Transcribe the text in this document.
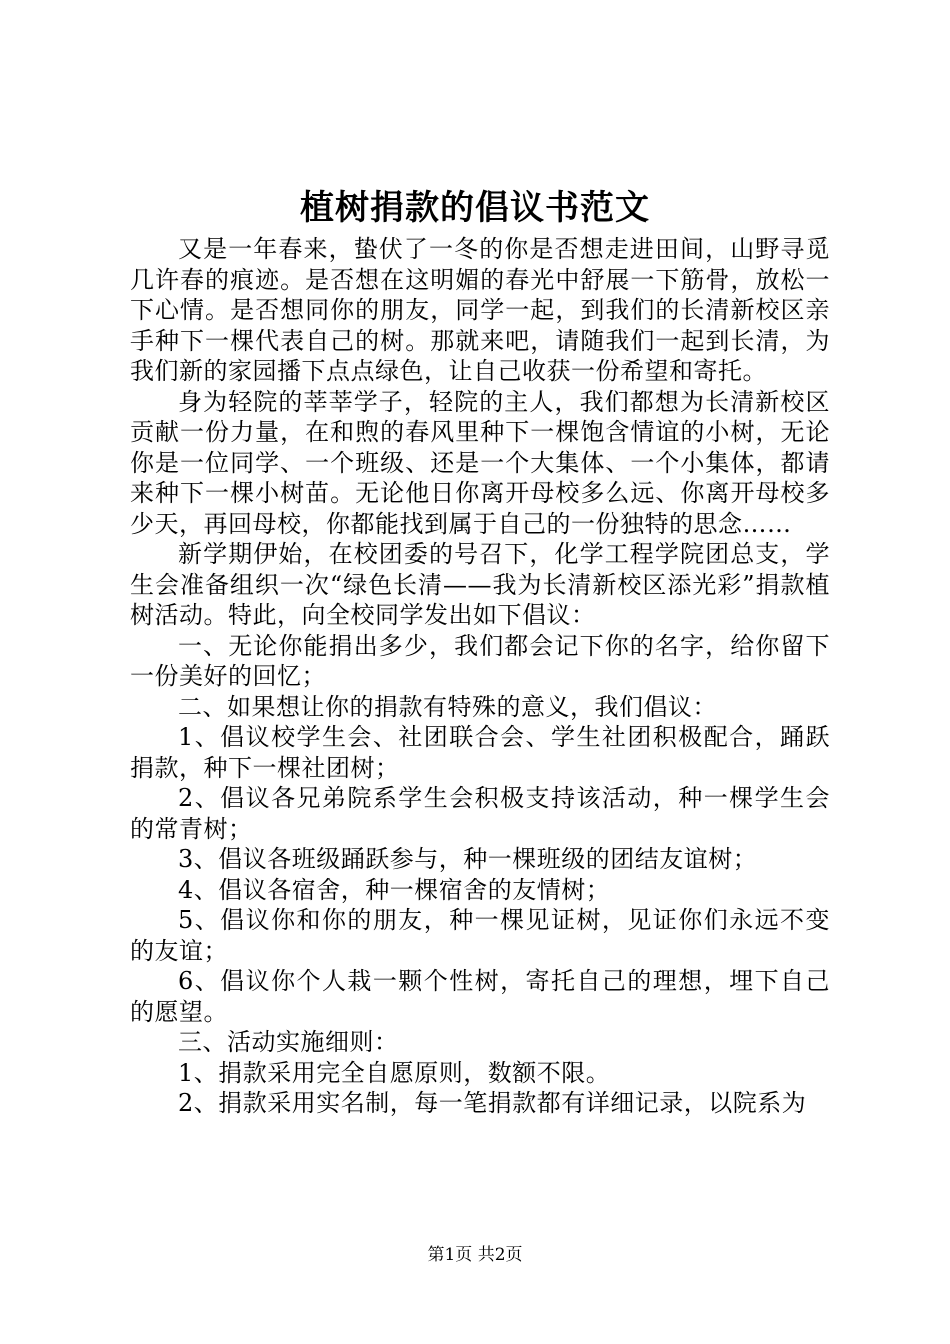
植树捐款的倡议书范文

又是一年春来，蛰伏了一冬的你是否想走进田间，山野寻觅几许春的痕迹。是否想在这明媚的春光中舒展一下筋骨，放松一下心情。是否想同你的朋友，同学一起，到我们的长清新校区亲手种下一棵代表自己的树。那就来吧，请随我们一起到长清，为我们新的家园播下点点绿色，让自己收获一份希望和寄托。

身为轻院的莘莘学子，轻院的主人，我们都想为长清新校区贡献一份力量，在和煦的春风里种下一棵饱含情谊的小树，无论你是一位同学、一个班级、还是一个大集体、一个小集体，都请来种下一棵小树苗。无论他日你离开母校多么远、你离开母校多少天，再回母校，你都能找到属于自己的一份独特的思念……

新学期伊始，在校团委的号召下，化学工程学院团总支，学生会准备组织一次“绿色长清——我为长清新校区添光彩”捐款植树活动。特此，向全校同学发出如下倡议：

一、无论你能捐出多少，我们都会记下你的名字，给你留下一份美好的回忆；

二、如果想让你的捐款有特殊的意义，我们倡议：

1、倡议校学生会、社团联合会、学生社团积极配合，踊跃捐款，种下一棵社团树；

2、倡议各兄弟院系学生会积极支持该活动，种一棵学生会的常青树；

3、倡议各班级踊跃参与，种一棵班级的团结友谊树；

4、倡议各宿舍，种一棵宿舍的友情树；

5、倡议你和你的朋友，种一棵见证树，见证你们永远不变的友谊；

6、倡议你个人栽一颗个性树，寄托自己的理想，埋下自己的愿望。

三、活动实施细则：

1、捐款采用完全自愿原则，数额不限。

2、捐款采用实名制，每一笔捐款都有详细记录，以院系为

第1页 共2页
